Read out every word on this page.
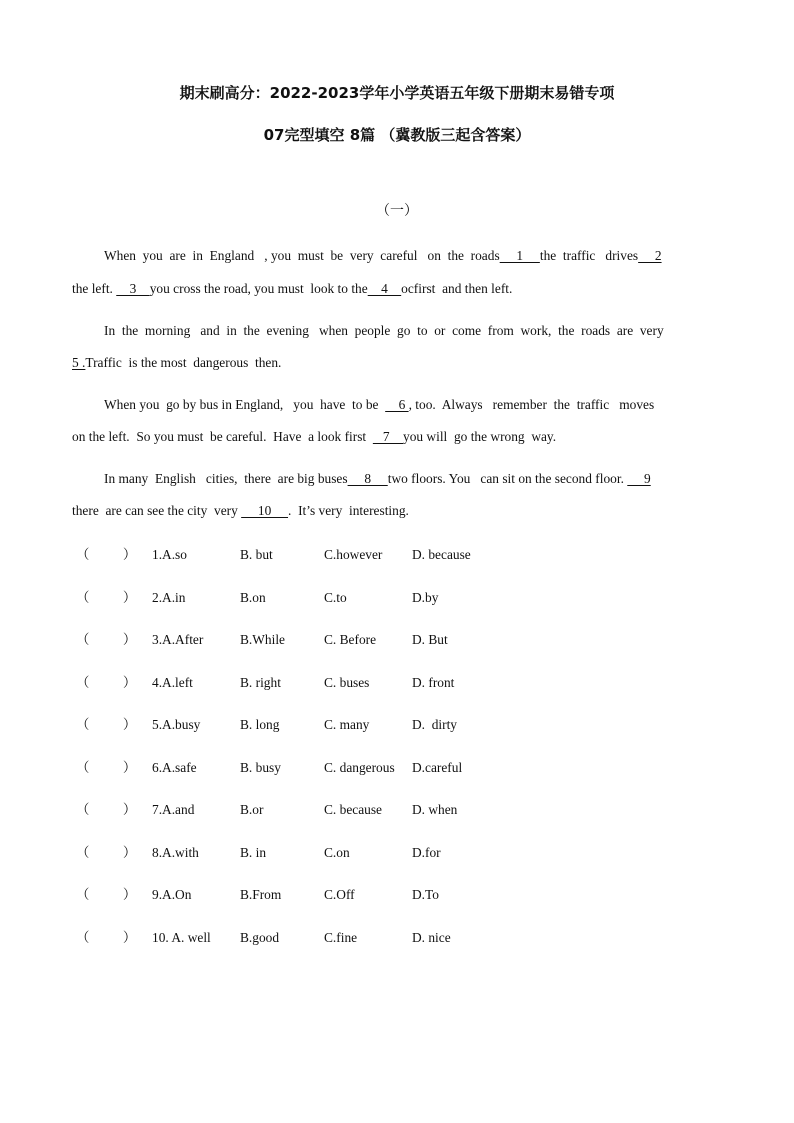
期末刷高分：2022-2023学年小学英语五年级下册期末易错专项
07完型填空 8篇 （冀教版三起含答案）
（一）
When  you  are  in  England   , you  must  be  very  careful   on  the  roads     1     the  traffic   drives     2
the left.     3    you cross the road, you must  look to the    4    ocfirst  and then left.
In  the  morning   and  in  the  evening   when  people  go  to  or  come  from  work,  the  roads  are  very
5 .Traffic  is the most  dangerous  then.
When you  go by bus in England,   you  have  to be      6 , too.  Always   remember  the  traffic   moves
on the left.  So you must  be careful.  Have  a look first     7    you will  go the wrong  way.
In many  English   cities,  there  are big buses     8     two floors. You   can sit on the second floor.      9
there  are can see the city  very      10     .  It’s very  interesting.
（          ） 1.A.so	B. but	C.however D. because
（          ） 2.A.in	B.on	C.to	D.by
（          ） 3.A.After	B.While	C. Before	D. But
（          ） 4.A.left	B. right	C. buses	D. front
（          ） 5.A.busy	B. long	C. many	D.  dirty
（          ） 6.A.safe	B. busy	C. dangerous D.careful
（          ） 7.A.and	B.or	C. because D. when
（          ） 8.A.with	B. in	C.on	D.for
（          ） 9.A.On	B.From	C.Off	D.To
（          ） 10. A. well B.good	C.fine	D. nice
